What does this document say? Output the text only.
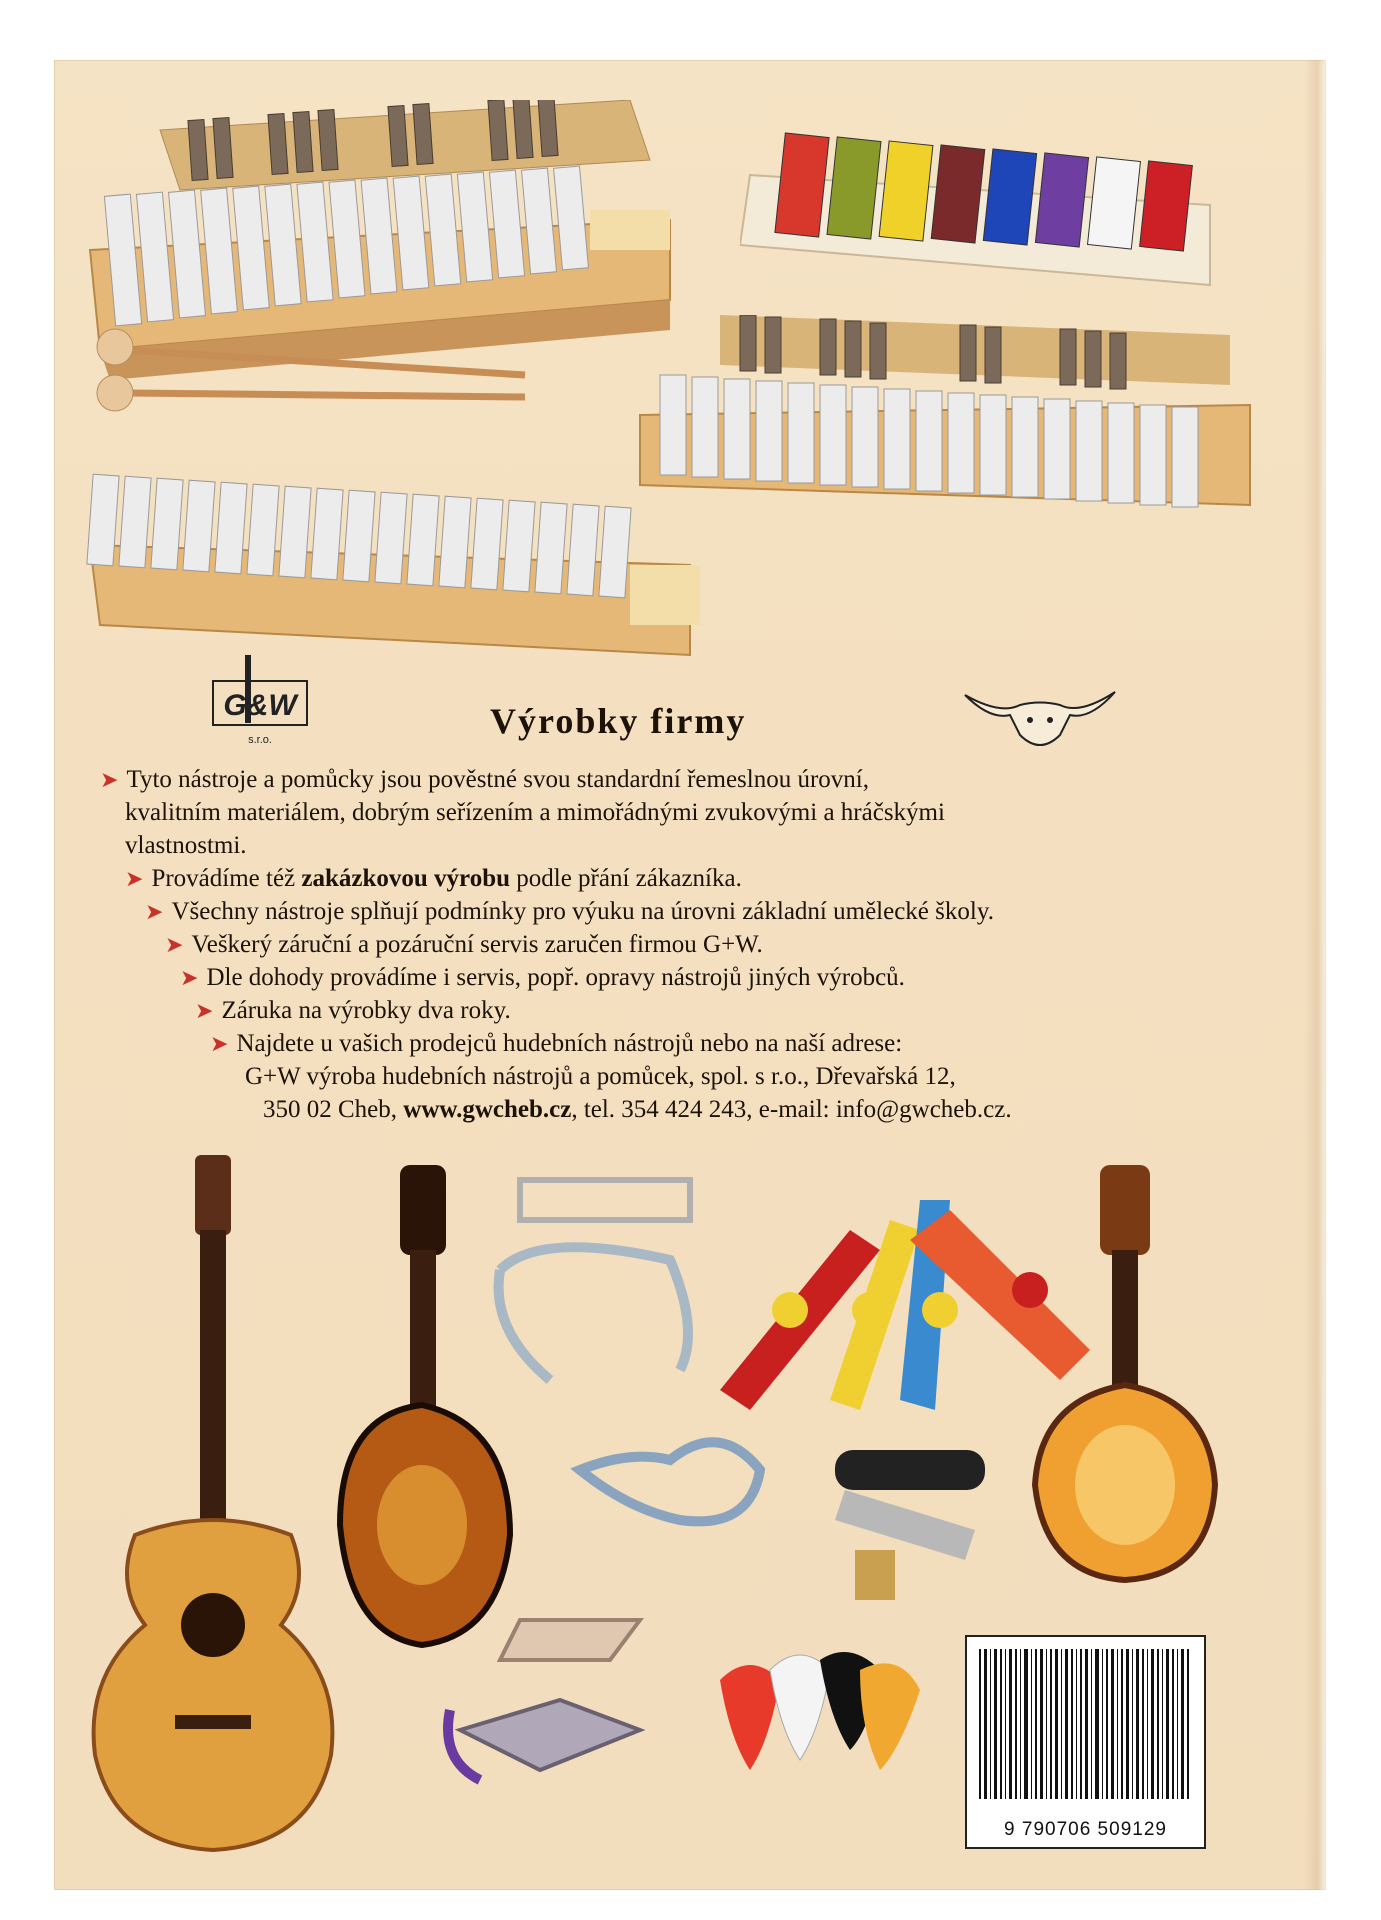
G&W
s.r.o.	Výrobky firmy
➤ Tyto nástroje a pomůcky jsou pověstné svou standardní řemeslnou úrovní,
kvalitním materiálem, dobrým seřízením a mimořádnými zvukovými a hráčskými
vlastnostmi.
➤ Provádíme též zakázkovou výrobu podle přání zákazníka.
➤ Všechny nástroje splňují podmínky pro výuku na úrovni základní umělecké školy.
➤ Veškerý záruční a pozáruční servis zaručen firmou G+W.
➤ Dle dohody provádíme i servis, popř. opravy nástrojů jiných výrobců.
➤ Záruka na výrobky dva roky.
➤ Najdete u vašich prodejců hudebních nástrojů nebo na naší adrese:
G+W výroba hudebních nástrojů a pomůcek, spol. s r.o., Dřevařská 12,
350 02 Cheb, www.gwcheb.cz, tel. 354 424 243, e-mail: info@gwcheb.cz.
9 790706 509129
